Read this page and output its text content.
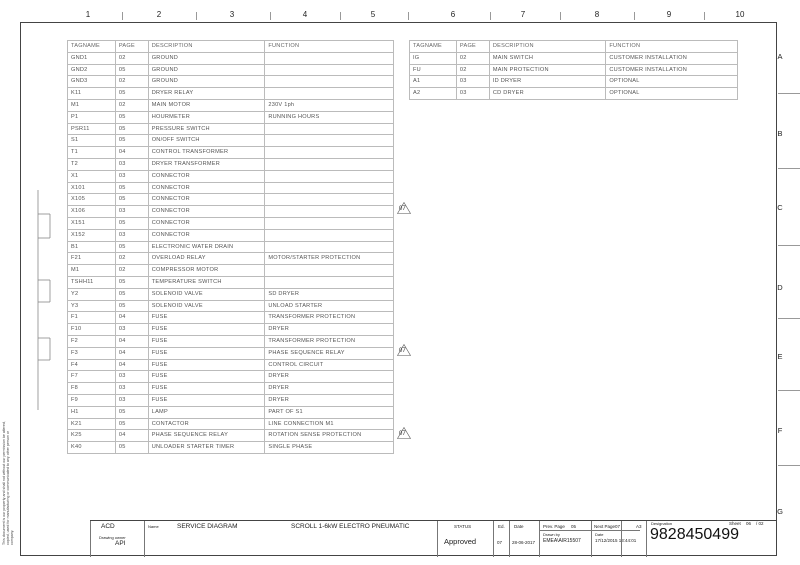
1	2	3	4	5	6	7	8	9	10
A
B
C
D
E
F
G
This document is our property and shall not without our permission be altered, copied, used for manufacturing or communicated to any other person or company.
TAGNAME	PAGE	DESCRIPTION	FUNCTION
GND1	02	GROUND	
GND2	05	GROUND	
GND3	02	GROUND	
K11	05	DRYER RELAY	
M1	02	MAIN MOTOR	230V 1ph
P1	05	HOURMETER	RUNNING HOURS
PSR11	05	PRESSURE SWITCH	
S1	05	ON/OFF SWITCH	
T1	04	CONTROL TRANSFORMER	
T2	03	DRYER TRANSFORMER	
X1	03	CONNECTOR	
X101	05	CONNECTOR	
X105	05	CONNECTOR	
X106	03	CONNECTOR	
X151	05	CONNECTOR	
X152	03	CONNECTOR	
B1	05	ELECTRONIC WATER DRAIN	
F21	02	OVERLOAD RELAY	MOTOR/STARTER PROTECTION
M1	02	COMPRESSOR MOTOR	
TSHH11	05	TEMPERATURE SWITCH	
Y2	05	SOLENOID VALVE	SD DRYER
Y3	05	SOLENOID VALVE	UNLOAD STARTER
F1	04	FUSE	TRANSFORMER PROTECTION
F10	03	FUSE	DRYER
F2	04	FUSE	TRANSFORMER PROTECTION
F3	04	FUSE	PHASE SEQUENCE RELAY
F4	04	FUSE	CONTROL CIRCUIT
F7	03	FUSE	DRYER
F8	03	FUSE	DRYER
F9	03	FUSE	DRYER
H1	05	LAMP	PART OF S1
K21	05	CONTACTOR	LINE CONNECTION M1
K25	04	PHASE SEQUENCE RELAY	ROTATION SENSE PROTECTION
K40	05	UNLOADER STARTER TIMER	SINGLE PHASE
TAGNAME	PAGE	DESCRIPTION	FUNCTION
IG	02	MAIN SWITCH	CUSTOMER INSTALLATION
FU	02	MAIN PROTECTION	CUSTOMER INSTALLATION
A1	03	ID DRYER	OPTIONAL
A2	03	CD DRYER	OPTIONAL
07
07
07
ACD
Drawing owner
API
Name	SERVICE DIAGRAM	SCROLL 1-6kW ELECTRO PNEUMATIC	STATUS
Approved
Ed.
07
Date
28-06-2017
Prev. Page 05
Drawn by
EMEA\AIR15507
Next Page 07
Date
17/12/2015 13:44:01
A3
Designation
9828450499
Sheet 06 / 02
